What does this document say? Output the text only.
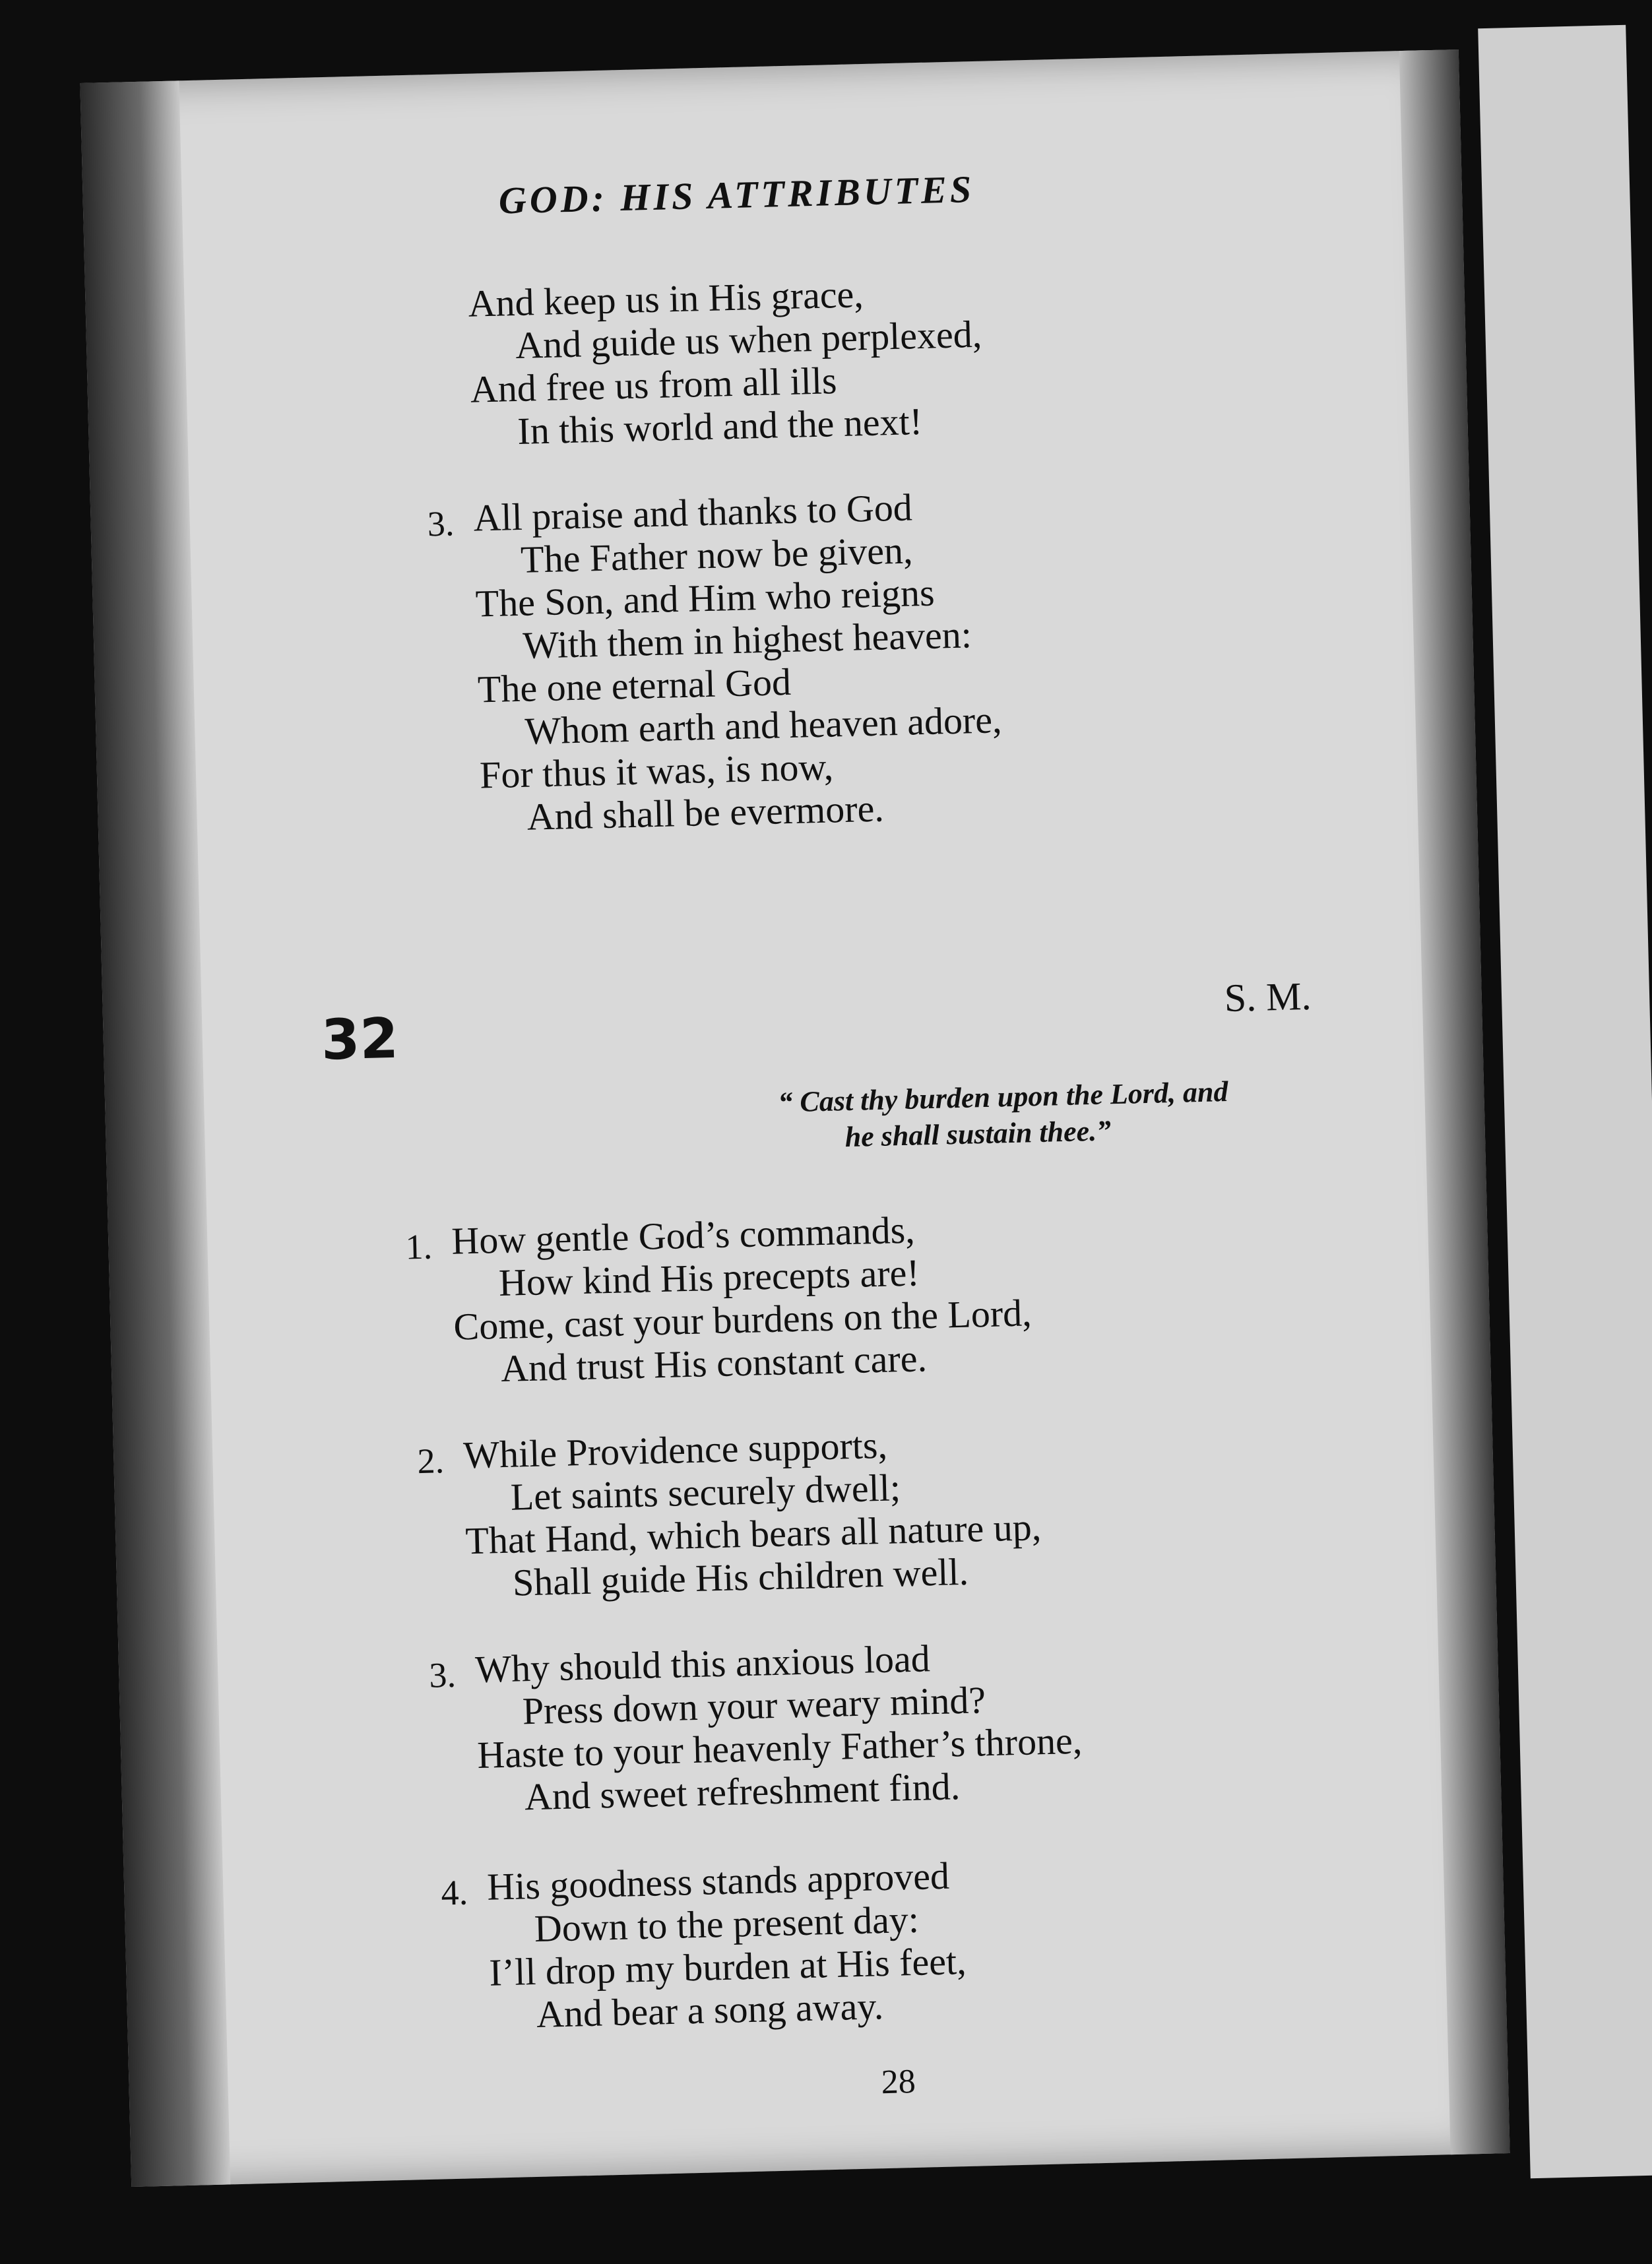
GOD: HIS ATTRIBUTES
And keep us in His grace,
And guide us when perplexed,
And free us from all ills
In this world and the next!
3. All praise and thanks to God
The Father now be given,
The Son, and Him who reigns
With them in highest heaven:
The one eternal God
Whom earth and heaven adore,
For thus it was, is now,
And shall be evermore.
32
S. M.
“ Cast thy burden upon the Lord, and
he shall sustain thee.”
1. How gentle God’s commands,
How kind His precepts are!
Come, cast your burdens on the Lord,
And trust His constant care.
2. While Providence supports,
Let saints securely dwell;
That Hand, which bears all nature up,
Shall guide His children well.
3. Why should this anxious load
Press down your weary mind?
Haste to your heavenly Father’s throne,
And sweet refreshment find.
4. His goodness stands approved
Down to the present day:
I’ll drop my burden at His feet,
And bear a song away.
28
